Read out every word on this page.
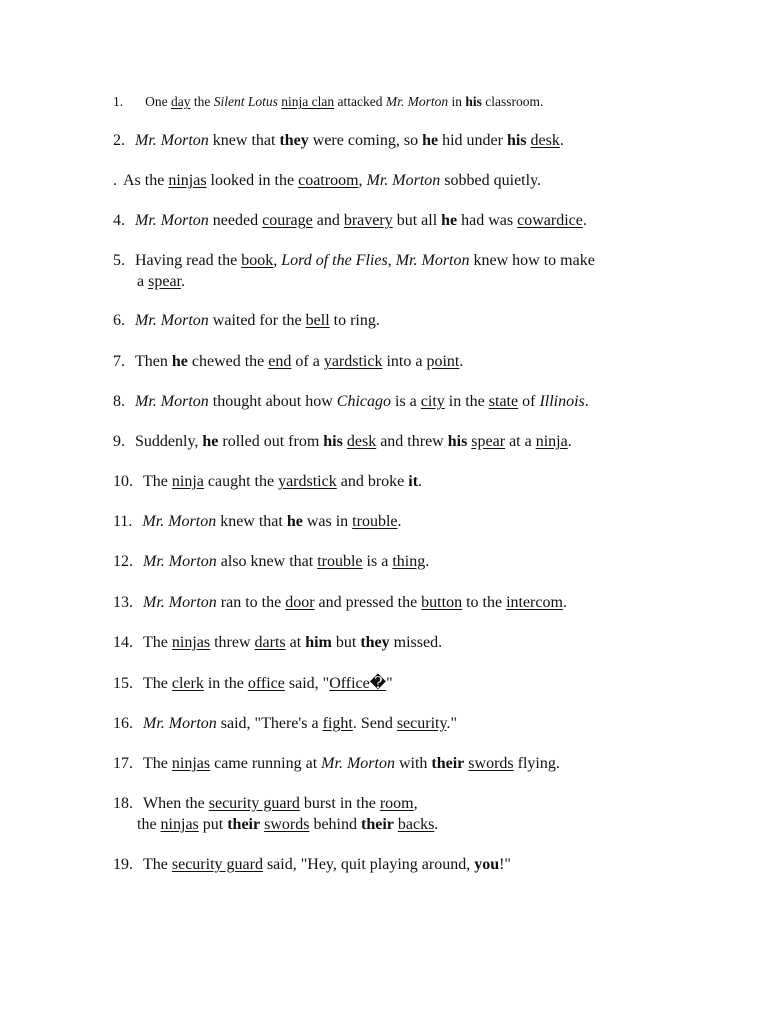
1. One day the Silent Lotus ninja clan attacked Mr. Morton in his classroom.
2. Mr. Morton knew that they were coming, so he hid under his desk.
. As the ninjas looked in the coatroom, Mr. Morton sobbed quietly.
4. Mr. Morton needed courage and bravery but all he had was cowardice.
5. Having read the book, Lord of the Flies, Mr. Morton knew how to make
a spear.
6. Mr. Morton waited for the bell to ring.
7. Then he chewed the end of a yardstick into a point.
8. Mr. Morton thought about how Chicago is a city in the state of Illinois.
9. Suddenly, he rolled out from his desk and threw his spear at a ninja.
10. The ninja caught the yardstick and broke it.
11. Mr. Morton knew that he was in trouble.
12. Mr. Morton also knew that trouble is a thing.
13. Mr. Morton ran to the door and pressed the button to the intercom.
14. The ninjas threw darts at him but they missed.
15. The clerk in the office said, "Office�"
16. Mr. Morton said, "There's a fight. Send security."
17. The ninjas came running at Mr. Morton with their swords flying.
18. When the security guard burst in the room,
the ninjas put their swords behind their backs.
19. The security guard said, "Hey, quit playing around, you!"
